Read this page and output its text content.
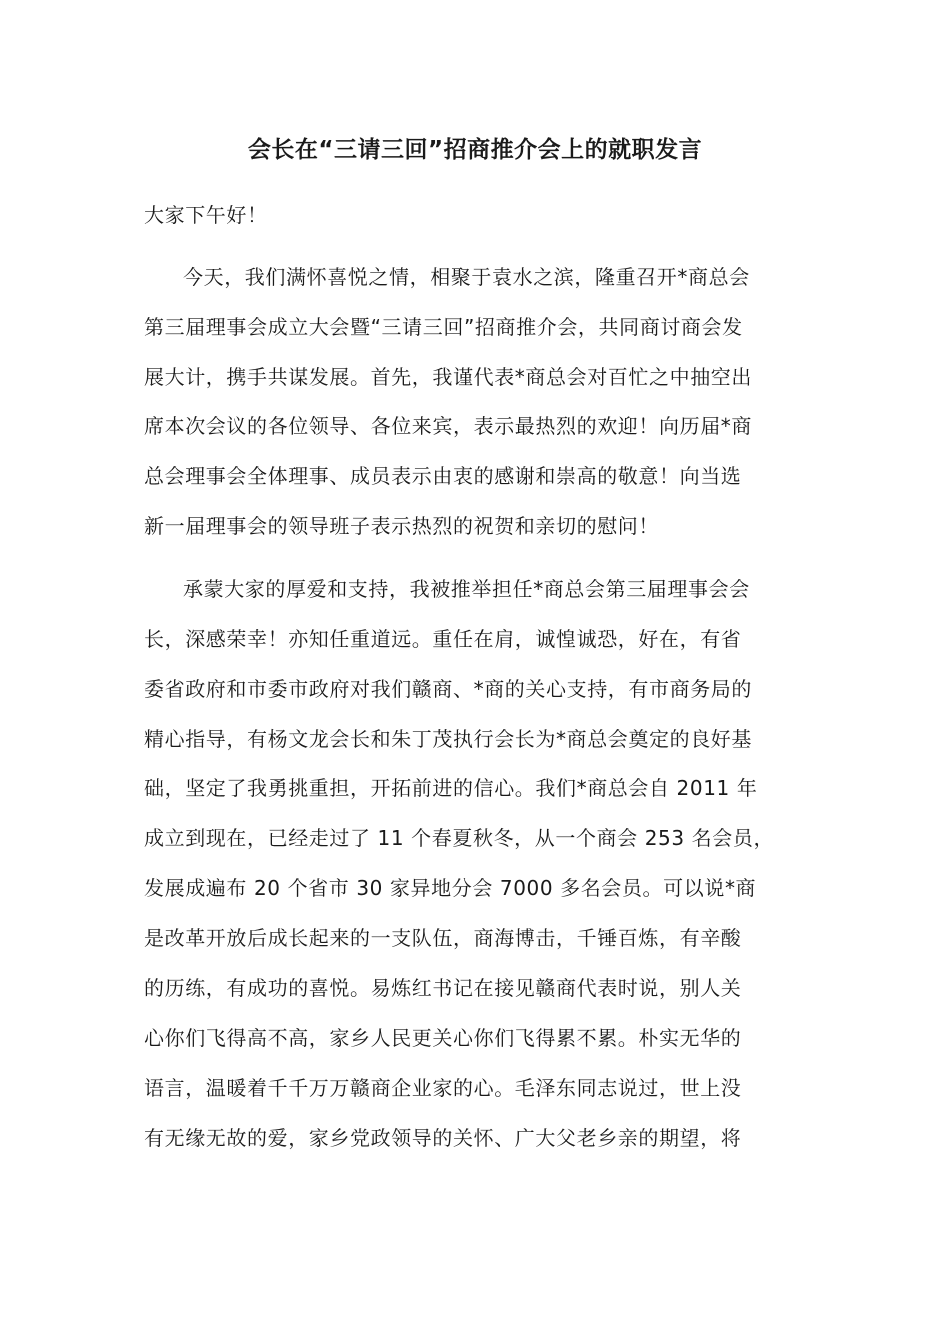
会长在“三请三回”招商推介会上的就职发言

大家下午好！

今天，我们满怀喜悦之情，相聚于袁水之滨，隆重召开*商总会

第三届理事会成立大会暨“三请三回”招商推介会，共同商讨商会发

展大计，携手共谋发展。首先，我谨代表*商总会对百忙之中抽空出

席本次会议的各位领导、各位来宾，表示最热烈的欢迎！向历届*商

总会理事会全体理事、成员表示由衷的感谢和崇高的敬意！向当选

新一届理事会的领导班子表示热烈的祝贺和亲切的慰问！

承蒙大家的厚爱和支持，我被推举担任*商总会第三届理事会会

长，深感荣幸！亦知任重道远。重任在肩，诚惶诚恐，好在，有省

委省政府和市委市政府对我们赣商、*商的关心支持，有市商务局的

精心指导，有杨文龙会长和朱丁茂执行会长为*商总会奠定的良好基

础，坚定了我勇挑重担，开拓前进的信心。我们*商总会自 2011 年

成立到现在，已经走过了 11 个春夏秋冬，从一个商会 253 名会员，

发展成遍布 20 个省市 30 家异地分会 7000 多名会员。可以说*商

是改革开放后成长起来的一支队伍，商海博击，千锤百炼，有辛酸

的历练，有成功的喜悦。易炼红书记在接见赣商代表时说，别人关

心你们飞得高不高，家乡人民更关心你们飞得累不累。朴实无华的

语言，温暖着千千万万赣商企业家的心。毛泽东同志说过，世上没

有无缘无故的爱，家乡党政领导的关怀、广大父老乡亲的期望，将
